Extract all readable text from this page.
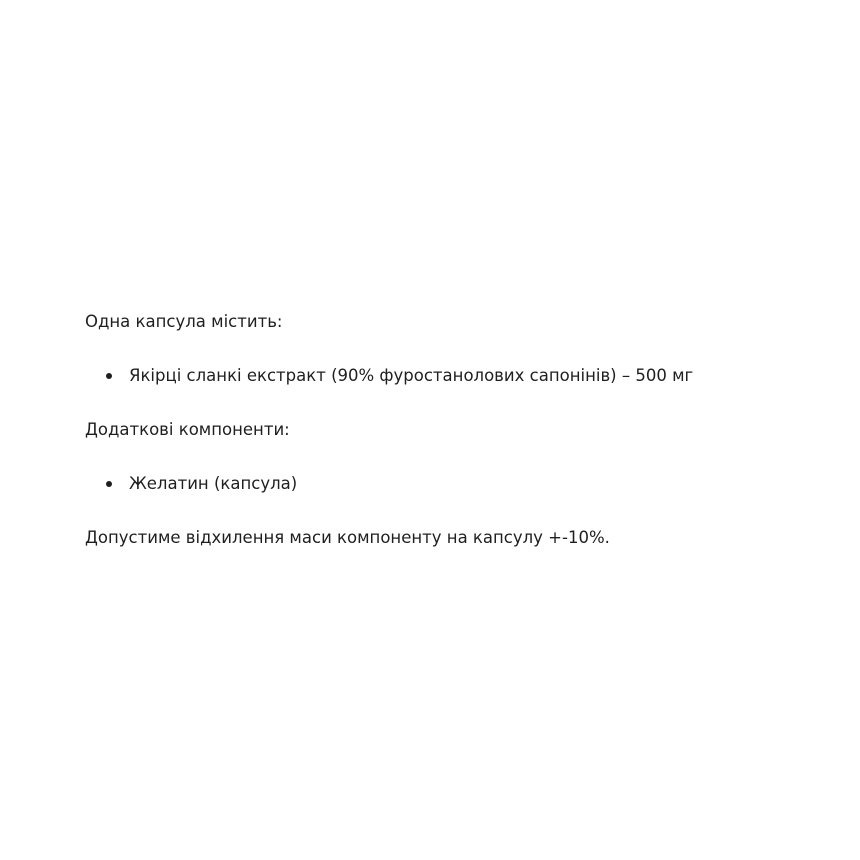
Одна капсула містить:

Якірці сланкі екстракт (90% фуростанолових сапонінів) – 500 мг

Додаткові компоненти:

Желатин (капсула)

Допустиме відхилення маси компоненту на капсулу +-10%.
